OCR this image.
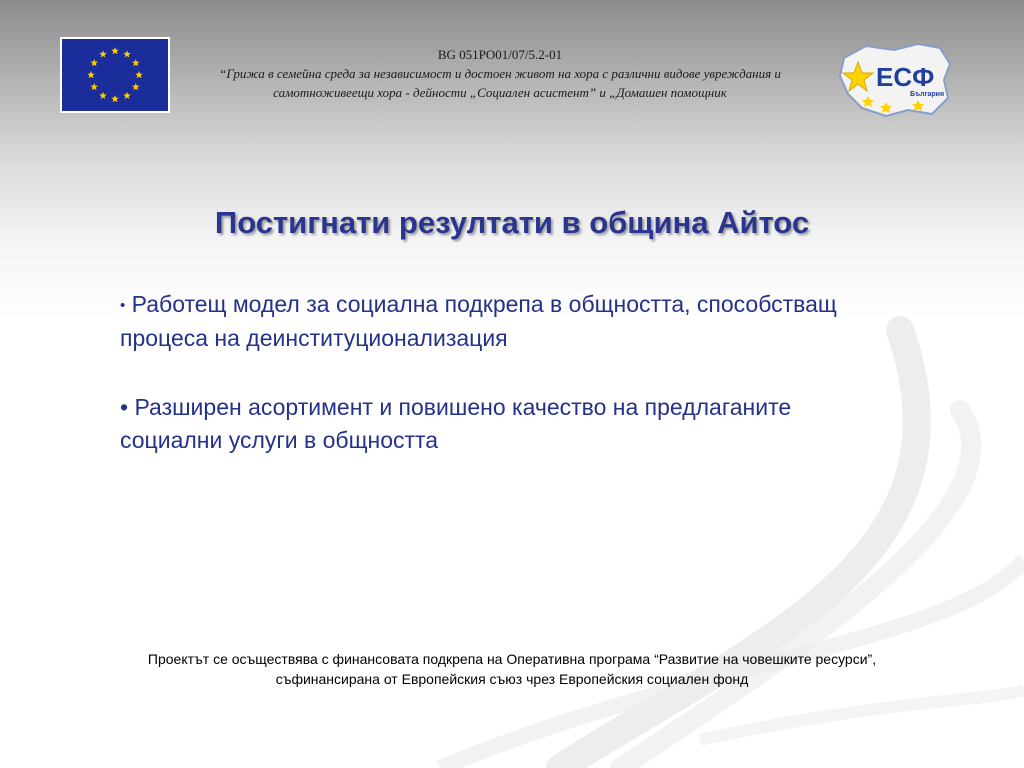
BG 051PO01/07/5.2-01
“Грижа в семейна среда за независимост и достоен живот на хора с различни видове увреждания и самотноживеещи хора - дейности „Социален асистент” и „Домашен помощник
ЕСФ
България
Постигнати резултати в община Айтос
• Работещ модел за социална подкрепа в общността, способстващ процеса на деинституционализация
• Разширен асортимент и повишено качество на предлаганите социални услуги в общността
Проектът се осъществява с финансовата подкрепа на Оперативна програма “Развитие на човешките ресурси”,
съфинансирана от Европейския съюз чрез Европейския социален фонд
